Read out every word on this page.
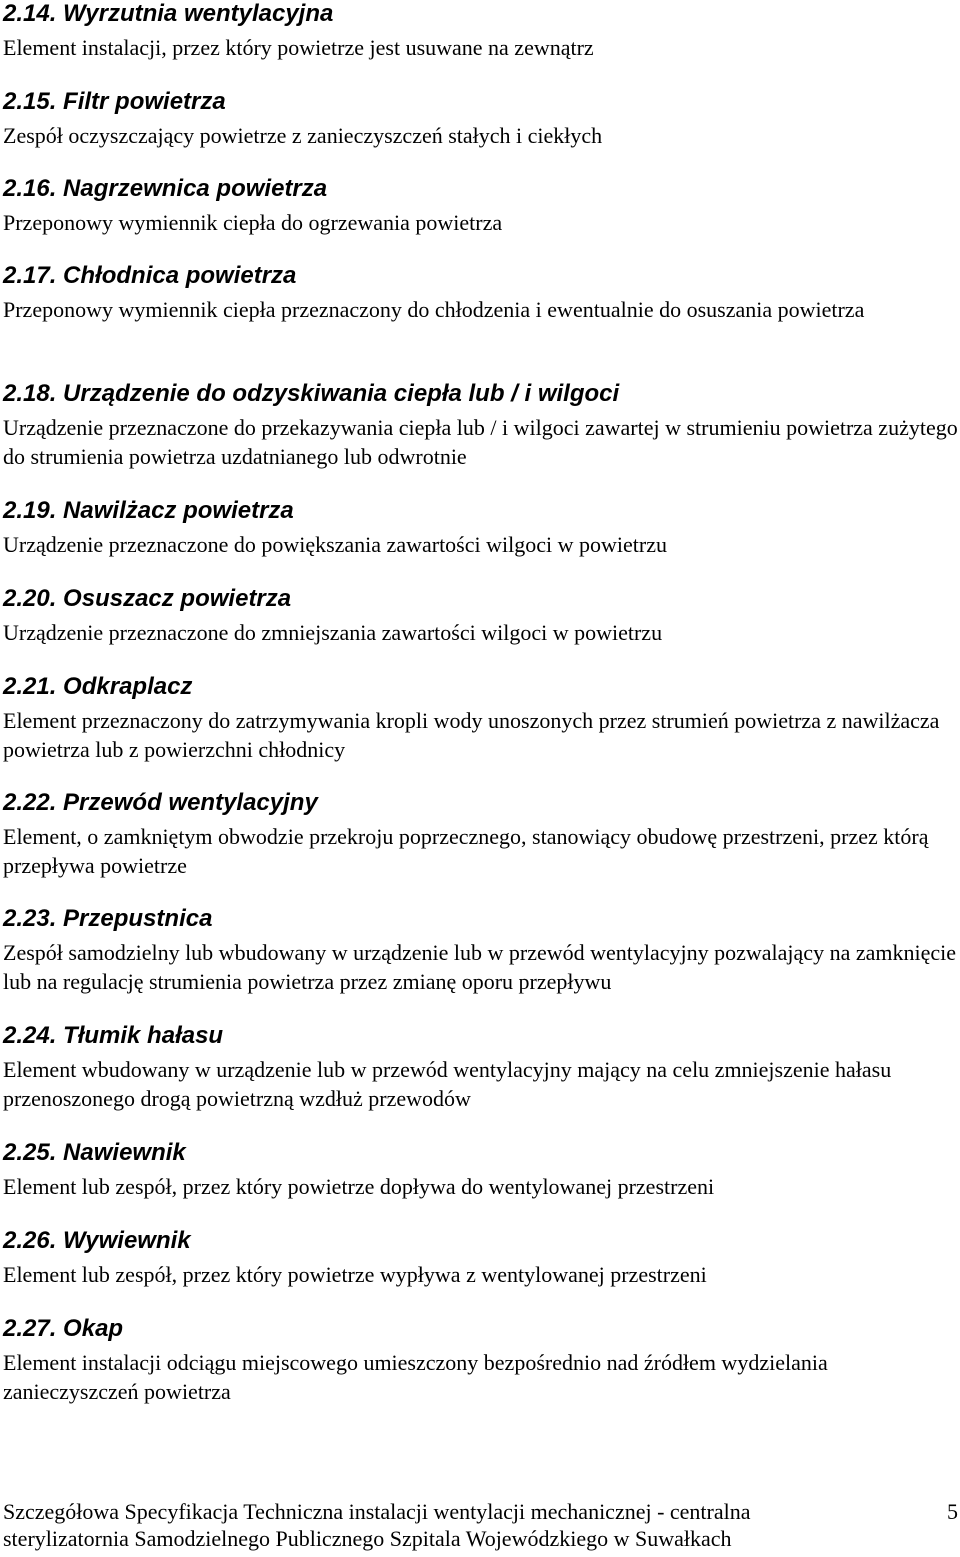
2.14. Wyrzutnia wentylacyjna
Element instalacji, przez który powietrze jest usuwane na zewnątrz
2.15. Filtr powietrza
Zespół oczyszczający powietrze z zanieczyszczeń stałych i ciekłych
2.16. Nagrzewnica powietrza
Przeponowy wymiennik ciepła do ogrzewania powietrza
2.17. Chłodnica powietrza
Przeponowy wymiennik ciepła przeznaczony do chłodzenia i ewentualnie do osuszania powietrza
2.18. Urządzenie do odzyskiwania ciepła lub / i wilgoci
Urządzenie przeznaczone do przekazywania ciepła lub / i wilgoci zawartej w strumieniu powietrza zużytego do strumienia powietrza uzdatnianego lub odwrotnie
2.19. Nawilżacz powietrza
Urządzenie przeznaczone do powiększania zawartości wilgoci w powietrzu
2.20. Osuszacz powietrza
Urządzenie przeznaczone do zmniejszania zawartości wilgoci w powietrzu
2.21. Odkraplacz
Element przeznaczony do zatrzymywania kropli wody unoszonych przez strumień powietrza z nawilżacza powietrza lub z powierzchni chłodnicy
2.22. Przewód wentylacyjny
Element, o zamkniętym obwodzie przekroju poprzecznego, stanowiący obudowę przestrzeni, przez którą przepływa powietrze
2.23. Przepustnica
Zespół samodzielny lub wbudowany w urządzenie lub w przewód wentylacyjny pozwalający na zamknięcie lub na regulację strumienia powietrza przez zmianę oporu przepływu
2.24. Tłumik hałasu
Element wbudowany w urządzenie lub w przewód wentylacyjny mający na celu zmniejszenie hałasu przenoszonego drogą powietrzną wzdłuż przewodów
2.25. Nawiewnik
Element lub zespół, przez który powietrze dopływa do wentylowanej przestrzeni
2.26. Wywiewnik
Element lub zespół, przez który powietrze wypływa z wentylowanej przestrzeni
2.27. Okap
Element instalacji odciągu miejscowego umieszczony bezpośrednio nad źródłem wydzielania zanieczyszczeń powietrza
Szczegółowa Specyfikacja Techniczna instalacji wentylacji mechanicznej - centralna
sterylizatornia Samodzielnego Publicznego Szpitala Wojewódzkiego w Suwałkach
5
